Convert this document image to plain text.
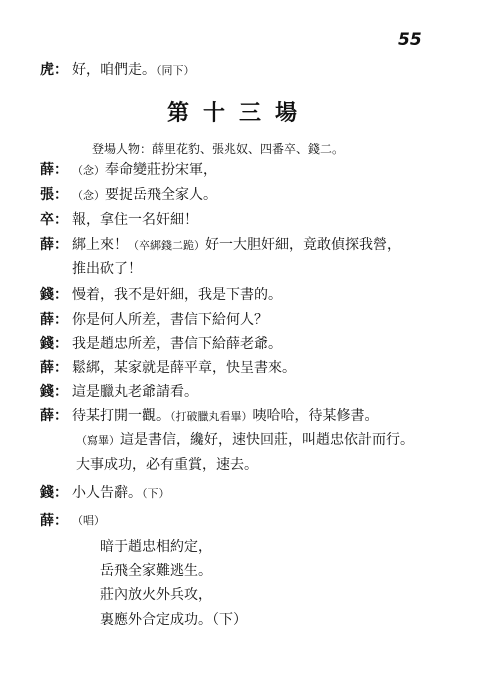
55
虎： 好，咱們走。（同下）
第十三場
登場人物：薛里花豹、張兆奴、四番卒、錢二。
薛： （念）奉命變莊扮宋軍，
張： （念）要捉岳飛全家人。
卒： 報，拿住一名奸細！
薛： 綁上來！（卒綁錢二跪）好一大胆奸細，竟敢偵探我營，
推出砍了！
錢： 慢着，我不是奸細，我是下書的。
薛： 你是何人所差，書信下給何人？
錢： 我是趙忠所差，書信下給薛老爺。
薛： 鬆綁，某家就是薛平章，快呈書來。
錢： 這是臘丸老爺請看。
薛： 待某打開一觀。（打破臘丸看畢）咦哈哈，待某修書。
（寫畢）這是書信，纔好，速快回莊，叫趙忠依計而行。
大事成功，必有重賞，速去。
錢： 小人告辭。（下）
薛： （唱）
暗于趙忠相約定，
岳飛全家難逃生。
莊內放火外兵攻，
裏應外合定成功。（下）
